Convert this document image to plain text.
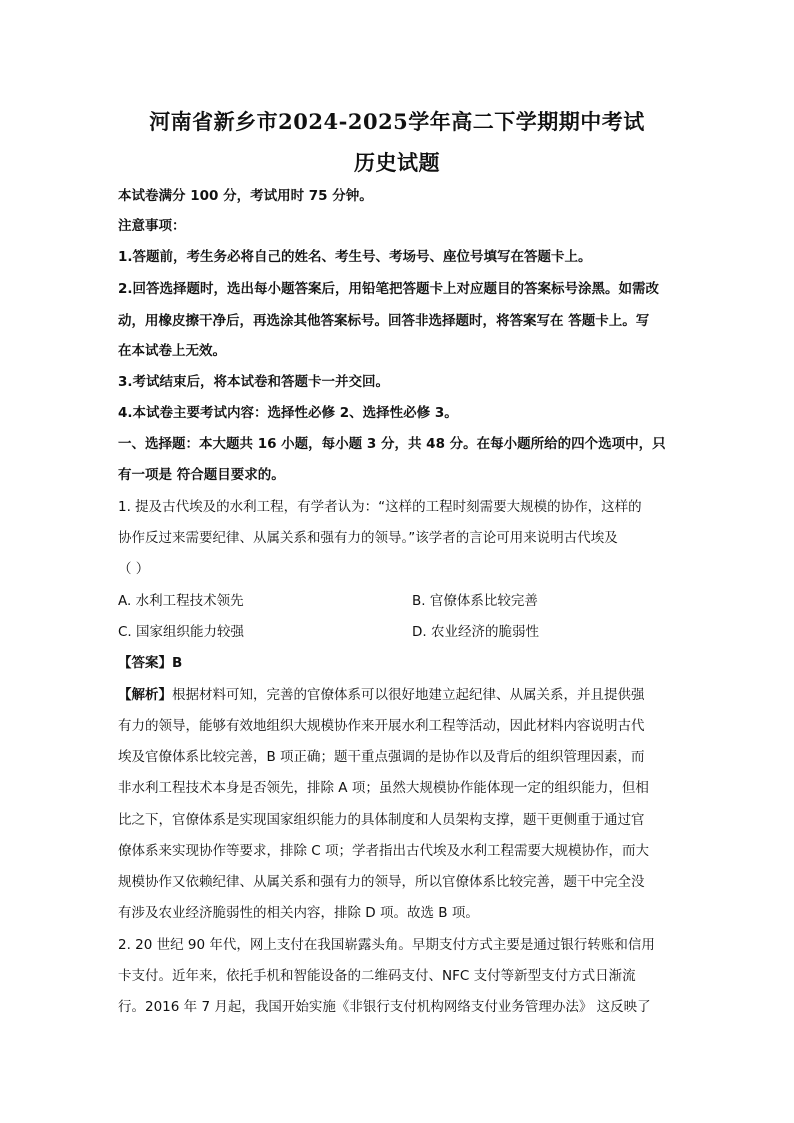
河南省新乡市2024-2025学年高二下学期期中考试
历史试题
本试卷满分 100 分，考试用时 75 分钟。
注意事项：
1.答题前，考生务必将自己的姓名、考生号、考场号、座位号填写在答题卡上。
2.回答选择题时，选出每小题答案后，用铅笔把答题卡上对应题目的答案标号涂黑。如需改
动，用橡皮擦干净后，再选涂其他答案标号。回答非选择题时，将答案写在 答题卡上。写
在本试卷上无效。
3.考试结束后，将本试卷和答题卡一并交回。
4.本试卷主要考试内容：选择性必修 2、选择性必修 3。
一、选择题：本大题共 16 小题，每小题 3 分，共 48 分。在每小题所给的四个选项中，只
有一项是 符合题目要求的。
1. 提及古代埃及的水利工程，有学者认为：“这样的工程时刻需要大规模的协作，这样的
协作反过来需要纪律、从属关系和强有力的领导。”该学者的言论可用来说明古代埃及
（ ）
A. 水利工程技术领先	B. 官僚体系比较完善
C. 国家组织能力较强	D. 农业经济的脆弱性
【答案】B
【解析】根据材料可知，完善的官僚体系可以很好地建立起纪律、从属关系，并且提供强
有力的领导，能够有效地组织大规模协作来开展水利工程等活动，因此材料内容说明古代
埃及官僚体系比较完善，B 项正确；题干重点强调的是协作以及背后的组织管理因素，而
非水利工程技术本身是否领先，排除 A 项；虽然大规模协作能体现一定的组织能力，但相
比之下，官僚体系是实现国家组织能力的具体制度和人员架构支撑，题干更侧重于通过官
僚体系来实现协作等要求，排除 C 项；学者指出古代埃及水利工程需要大规模协作，而大
规模协作又依赖纪律、从属关系和强有力的领导，所以官僚体系比较完善，题干中完全没
有涉及农业经济脆弱性的相关内容，排除 D 项。故选 B 项。
2. 20 世纪 90 年代，网上支付在我国崭露头角。早期支付方式主要是通过银行转账和信用
卡支付。近年来，依托手机和智能设备的二维码支付、NFC 支付等新型支付方式日渐流
行。2016 年 7 月起，我国开始实施《非银行支付机构网络支付业务管理办法》 这反映了
